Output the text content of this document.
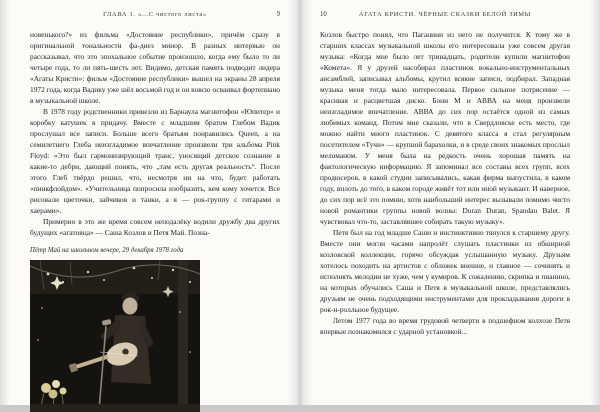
ГЛАВА 1. «...С чистого листа»	9

новенького?» из фильма «Достояние республики», причём сразу в оригинальной тональности фа-диез минор. В разных интервью он рассказывал, что это эпохальное событие произошло, когда ему было то ли четыре года, то ли пять-шесть лет. Видимо, детская память подводит лидера «Агаты Кристи»: фильм «Достояние республики» вышел на экраны 28 апреля 1972 года, когда Вадику уже шёл восьмой год и он вовсю осваивал фортепиано в музыкальной школе.

В 1978 году родственники привезли из Барнаула магнитофон «Юпитер» и коробку катушек в придачу. Вместе с младшим братом Глебом Вадик прослушал все записи. Больше всего братьям понравились Queen, а на семилетнего Глеба неизгладимое впечатление произвели три альбома Pink Floyd: «Это был гармонизирующий транс, уносящий детское сознание в какие-то дебри, дающий понять, что „там есть другая реальность“. После этого Глеб твёрдо решил, что, несмотря ни на что, будет работать «пинкфлойдом». «Учительница попросила изобразить, кем кому хочется. Все рисовали цветочки, зайчиков и танки, а я — рок-группу с гитарами и хаерами».

Примерно в это же время совсем неподалёку водили дружбу два других будущих «агатовца» — Саша Козлов и Петя Май. Позна-

Пётр Май на школьном вечере, 29 декабря 1978 года
10	АГАТА КРИСТИ. ЧЁРНЫЕ СКАЗКИ БЕЛОЙ ЗИМЫ

Козлов быстро понял, что Паганини из него не получится. К тому же в старших классах музыкальной школы его интересовала уже совсем другая музыка: «Когда мне было лет тринадцать, родители купили магнитофон «Комета». Я у друзей насобирал пластинок вокально-инструментальных ансамблей, записывал альбомы, крутил всякие записи, подбирал. Западная музыка меня тогда мало интересовала. Первое сильное потрясение — красивая и расцветшая диско. Бони М и АВВА на меня произвели неизгладимое впечатление. АВВА до сих пор остаётся одной из самых любимых команд. Потом мне сказали, что в Свердловске есть место, где можно найти много пластинок. С девятого класса я стал регулярным посетителем «Тучи» — крупной барахолки, и в среде своих знакомых прослыл меломаном. У меня была на редкость очень хорошая память на фактологическую информацию. Я запоминал все составы всех групп, всех продюсеров, в какой студии записывались, какая фирма выпустила, в каком году, вплоть до того, в каком городе живёт тот или иной музыкант. И наверное, до сих пор всё это помню, хотя наибольший интерес вызывали помимо чисто новой романтики группы новой волны: Duran Duran, Spandau Balet. Я чувствовал что-то, заставлявшее собирать такую музыку».

Петя был на год младше Саши и инстинктивно тянулся к старшему другу. Вместе они могли часами напролёт слушать пластинки из обширной козловской коллекции, горячо обсуждая услышанную музыку. Друзьям хотелось походить на артистов с обложек внешне, и главное — сочинять и исполнять мелодии не хуже, чем у кумиров. К сожалению, скрипка и пианино, на которых обучались Саша и Петя в музыкальной школе, представлялись друзьям не очень подходящими инструментами для прокладывания дороги в рок-н-ролльное будущее.

Летом 1977 года во время трудовой четверти в подшефном колхозе Петя впервые познакомился с ударной установкой...
